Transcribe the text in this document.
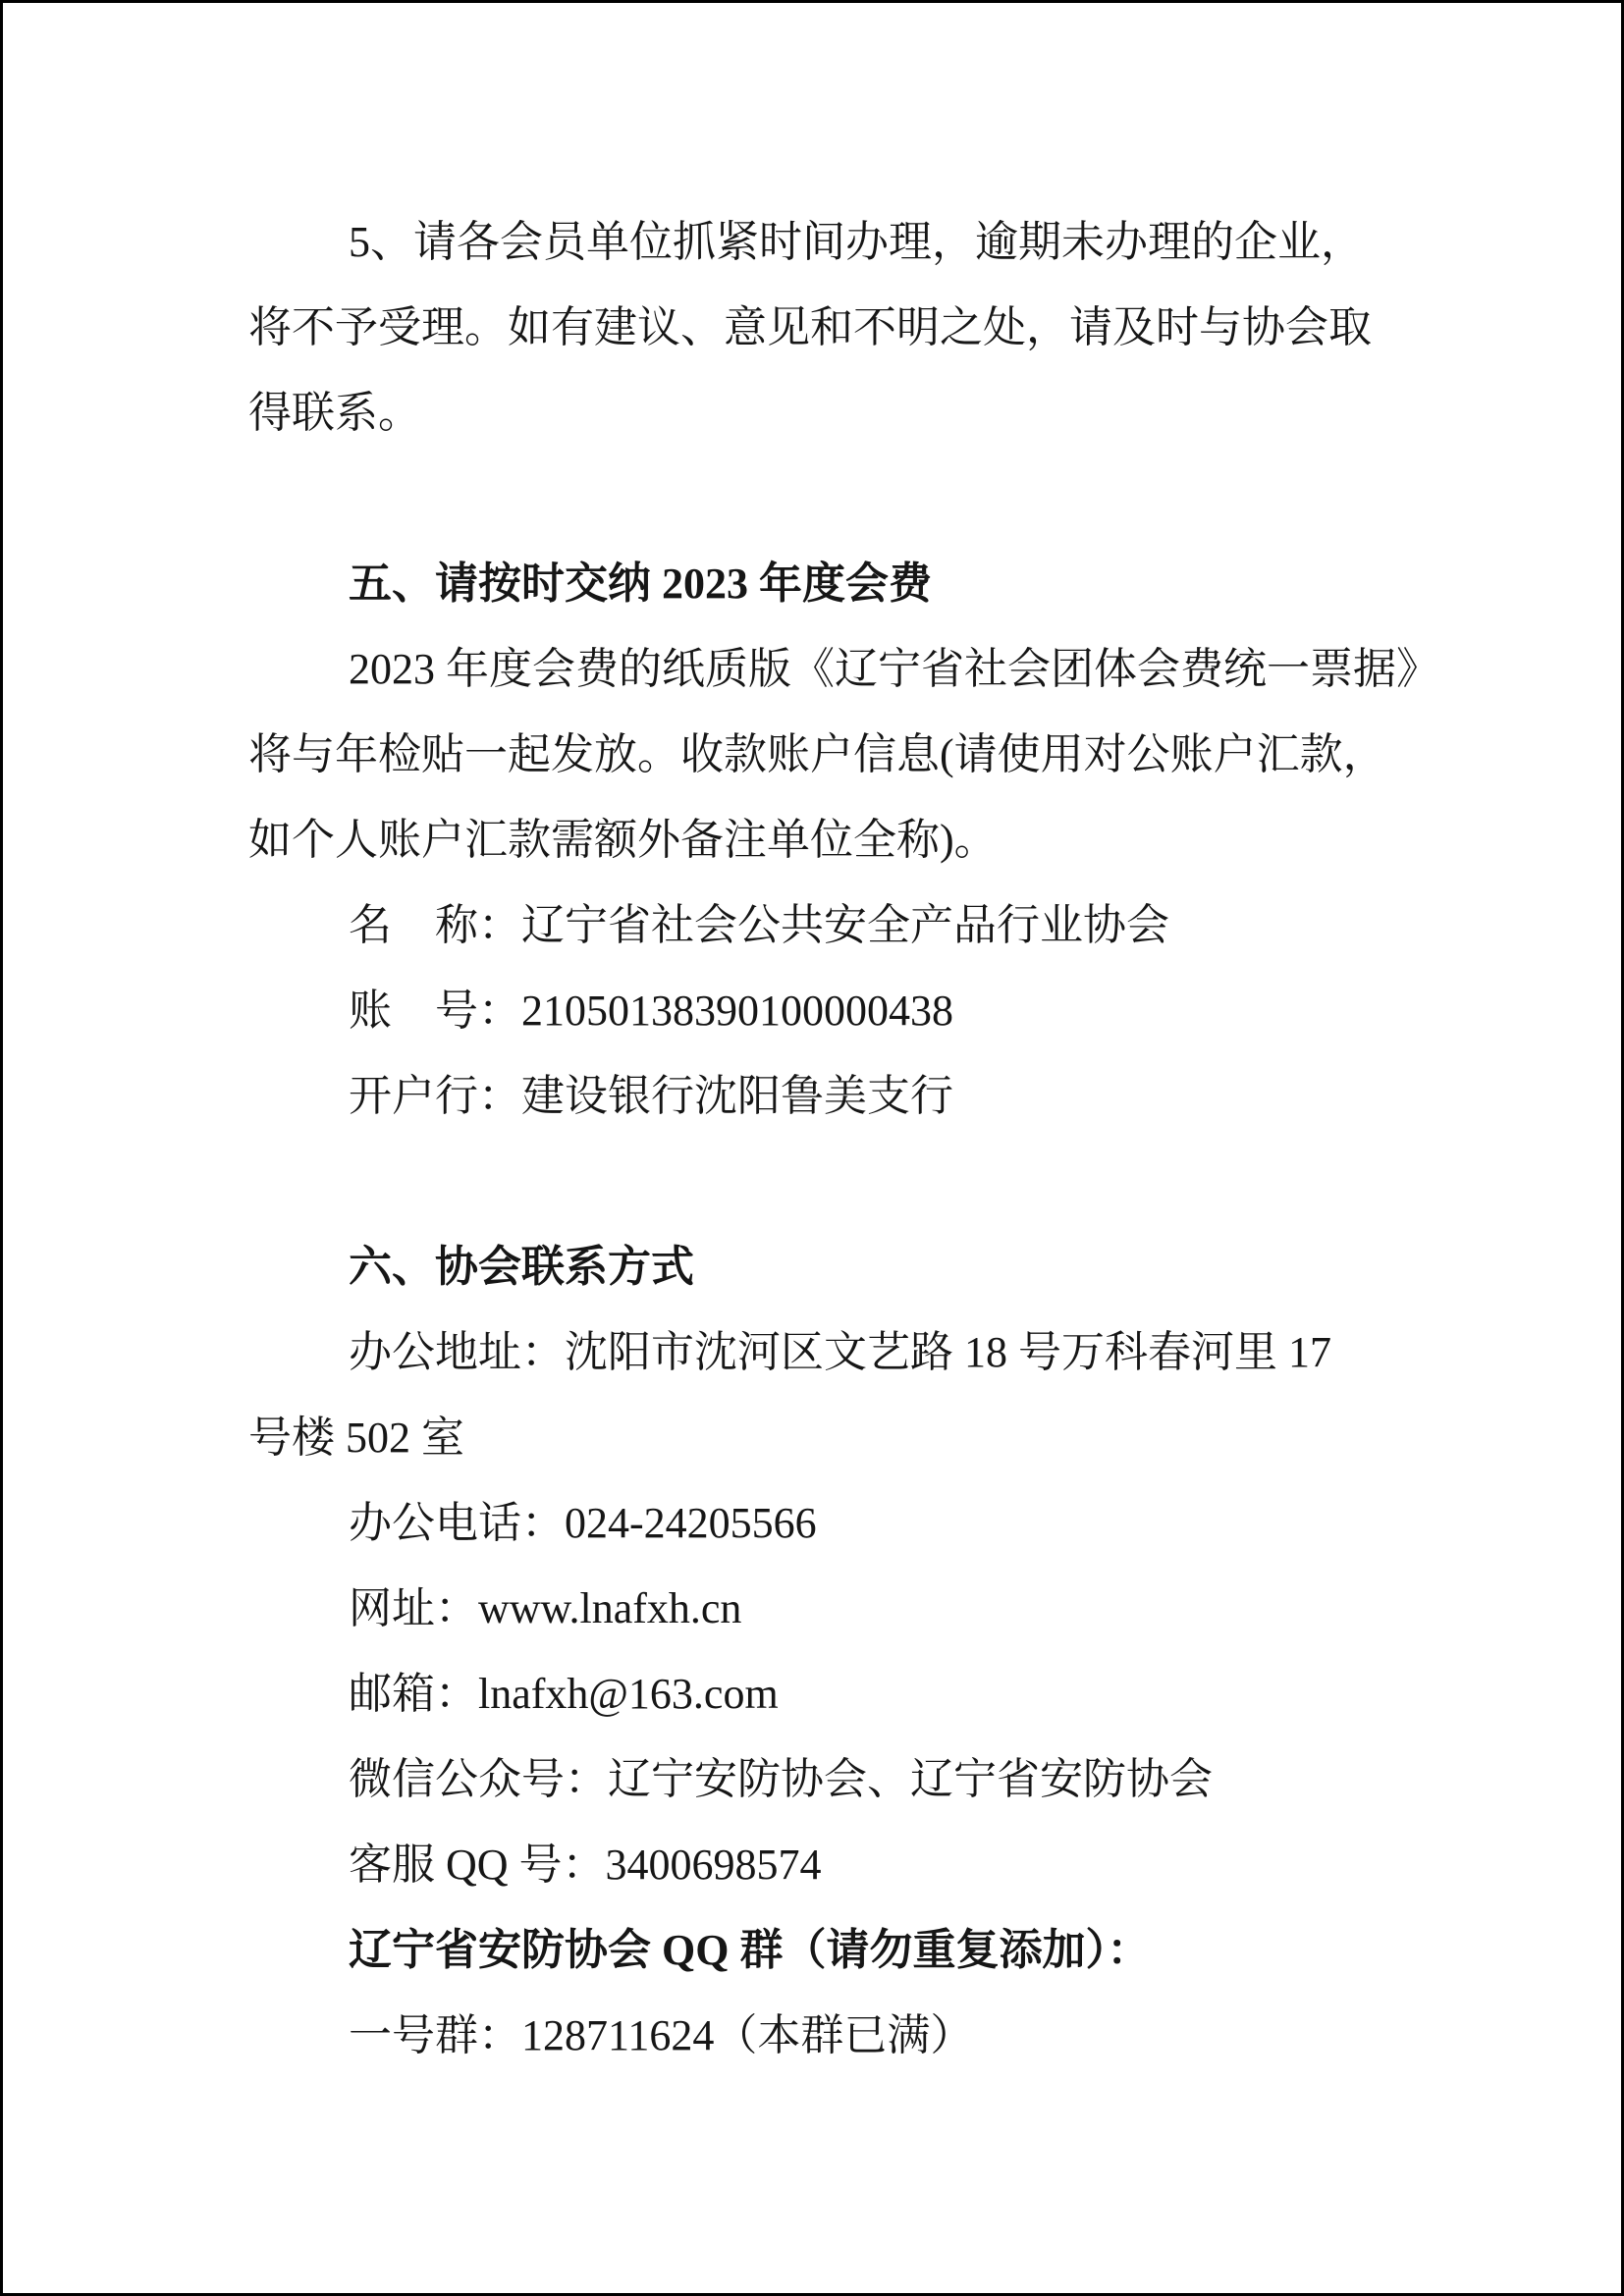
5、请各会员单位抓紧时间办理，逾期未办理的企业，
将不予受理。如有建议、意见和不明之处，请及时与协会取
得联系。
五、请按时交纳 2023 年度会费
2023 年度会费的纸质版《辽宁省社会团体会费统一票据》
将与年检贴一起发放。收款账户信息(请使用对公账户汇款，
如个人账户汇款需额外备注单位全称)。
名　称：辽宁省社会公共安全产品行业协会
账　号：21050138390100000438
开户行：建设银行沈阳鲁美支行
六、协会联系方式
办公地址：沈阳市沈河区文艺路 18 号万科春河里 17
号楼 502 室
办公电话：024-24205566
网址：www.lnafxh.cn
邮箱：lnafxh@163.com
微信公众号：辽宁安防协会、辽宁省安防协会
客服 QQ 号：3400698574
辽宁省安防协会 QQ 群（请勿重复添加）：
一号群：128711624（本群已满）
